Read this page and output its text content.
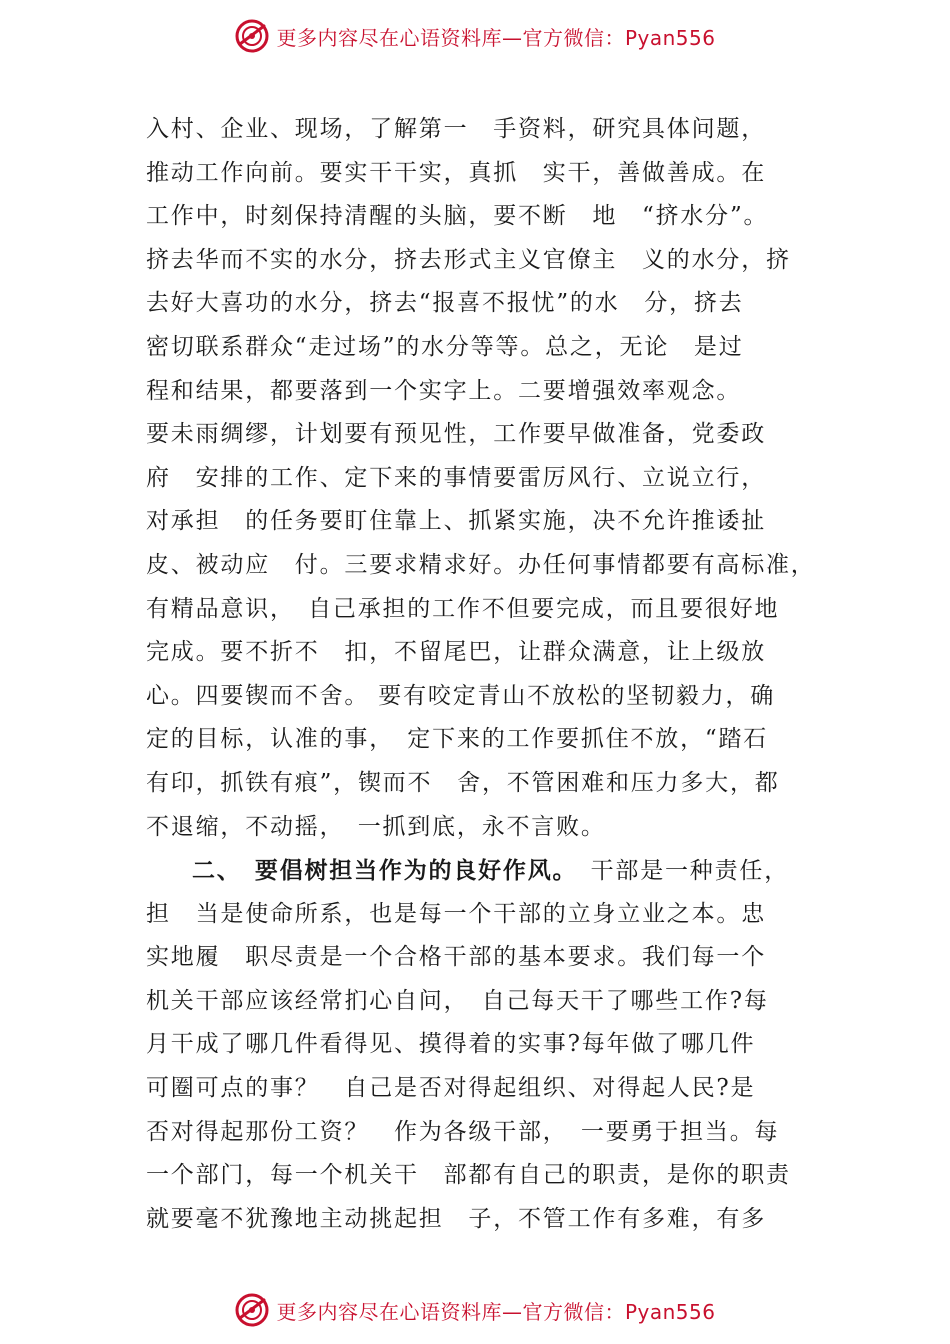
更多内容尽在心语资料库—官方微信：Pyan556
入村、企业、现场，了解第一　手资料，研究具体问题，
推动工作向前。要实干干实，真抓　实干，善做善成。在
工作中，时刻保持清醒的头脑，要不断　地　“挤水分”。
挤去华而不实的水分，挤去形式主义官僚主　义的水分，挤
去好大喜功的水分，挤去“报喜不报忧”的水　分，挤去
密切联系群众“走过场”的水分等等。总之，无论　是过
程和结果，都要落到一个实字上。二要增强效率观念。
要未雨绸缪，计划要有预见性，工作要早做准备，党委政
府　安排的工作、定下来的事情要雷厉风行、立说立行，
对承担　的任务要盯住靠上、抓紧实施，决不允许推诿扯
皮、被动应　付。三要求精求好。办任何事情都要有高标准，
有精品意识，　自己承担的工作不但要完成，而且要很好地
完成。要不折不　扣，不留尾巴，让群众满意，让上级放
心。四要锲而不舍。 要有咬定青山不放松的坚韧毅力，确
定的目标，认准的事，　定下来的工作要抓住不放，“踏石
有印，抓铁有痕”，锲而不　舍，不管困难和压力多大，都
不退缩，不动摇，　一抓到底，永不言败。
二、　要倡树担当作为的良好作风。　干部是一种责任，
担　当是使命所系，也是每一个干部的立身立业之本。忠
实地履　职尽责是一个合格干部的基本要求。我们每一个
机关干部应该经常扪心自问，　自己每天干了哪些工作?每
月干成了哪几件看得见、摸得着的实事?每年做了哪几件
可圈可点的事？　自己是否对得起组织、对得起人民?是
否对得起那份工资？　作为各级干部，　一要勇于担当。每
一个部门，每一个机关干　部都有自己的职责，是你的职责
就要毫不犹豫地主动挑起担　子，不管工作有多难，有多
更多内容尽在心语资料库—官方微信：Pyan556
